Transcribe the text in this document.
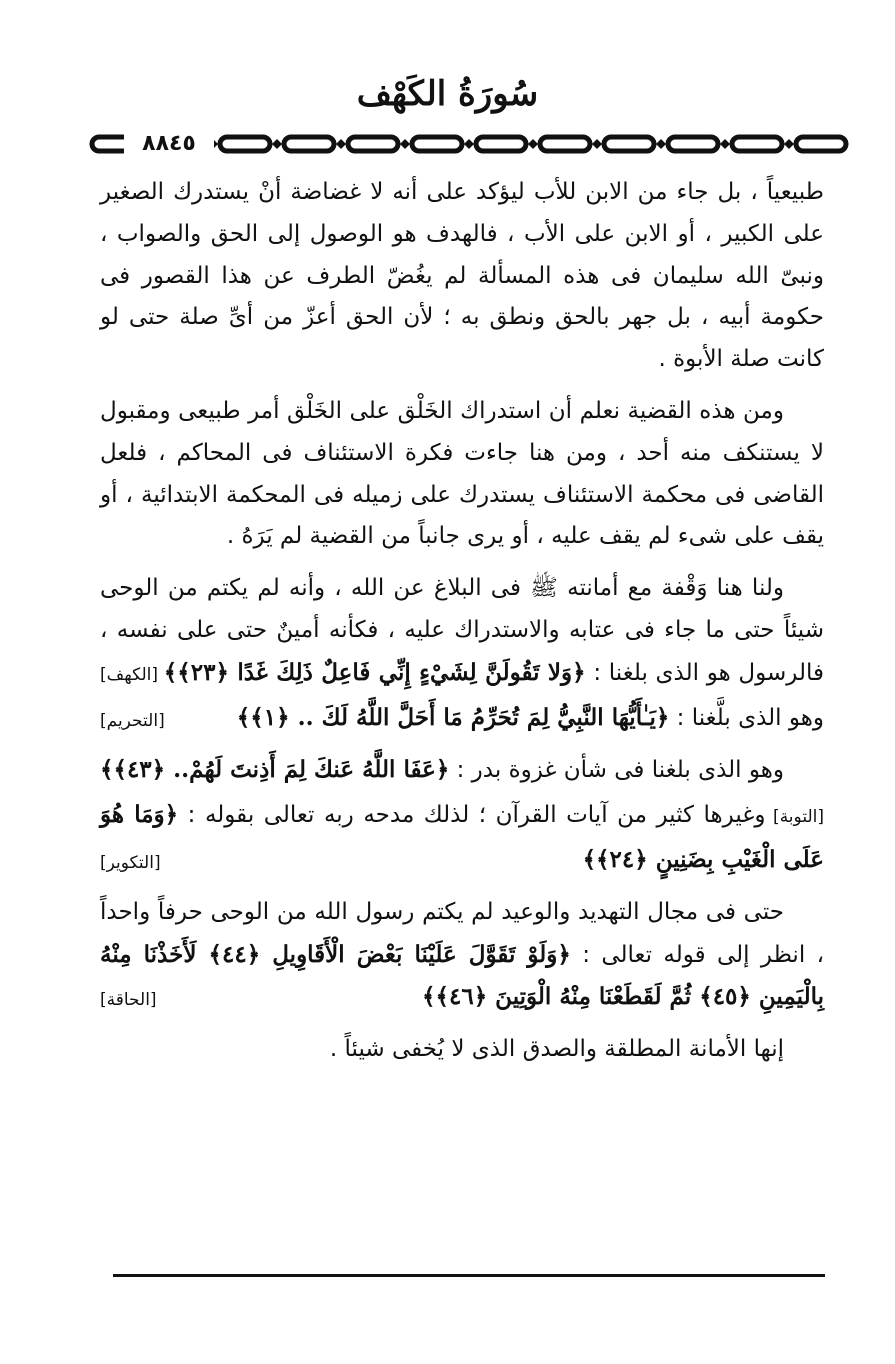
سُورَةُ الكَهْف
٨٨٤٥

طبيعياً ، بل جاء من الابن للأب ليؤكد على أنه لا غضاضة أنْ يستدرك الصغير على الكبير ، أو الابن على الأب ، فالهدف هو الوصول إلى الحق والصواب ، ونبىّ الله سليمان فى هذه المسألة لم يغُضّ الطرف عن هذا القصور فى حكومة أبيه ، بل جهر بالحق ونطق به ؛ لأن الحق أعزّ من أىِّ صلة حتى لو كانت صلة الأبوة .

ومن هذه القضية نعلم أن استدراك الخَلْق على الخَلْق أمر طبيعى ومقبول لا يستنكف منه أحد ، ومن هنا جاءت فكرة الاستئناف فى المحاكم ، فلعل القاضى فى محكمة الاستئناف يستدرك على زميله فى المحكمة الابتدائية ، أو يقف على شىء لم يقف عليه ، أو يرى جانباً من القضية لم يَرَهُ .

ولنا هنا وَقْفة مع أمانته ﷺ فى البلاغ عن الله ، وأنه لم يكتم من الوحى شيئاً حتى ما جاء فى عتابه والاستدراك عليه ، فكأنه أمينٌ حتى على نفسه ، فالرسول هو الذى بلغنا : ﴿وَلا تَقُولَنَّ لِشَيْءٍ إِنِّي فَاعِلٌ ذَلِكَ غَدًا ﴿٢٣﴾﴾ [الكهف] وهو الذى بلَّغنا : ﴿يَـٰأَيُّهَا النَّبِيُّ لِمَ تُحَرِّمُ مَا أَحَلَّ اللَّهُ لَكَ .. ﴿١﴾﴾
[التحريم]

وهو الذى بلغنا فى شأن غزوة بدر : ﴿عَفَا اللَّهُ عَنكَ لِمَ أَذِنتَ لَهُمْ.. ﴿٤٣﴾﴾ [التوبة] وغيرها كثير من آيات القرآن ؛ لذلك مدحه ربه تعالى بقوله : ﴿وَمَا هُوَ عَلَى الْغَيْبِ بِضَنِينٍ ﴿٢٤﴾﴾
[التكوير]

حتى فى مجال التهديد والوعيد لم يكتم رسول الله من الوحى حرفاً واحداً ، انظر إلى قوله تعالى : ﴿وَلَوْ تَقَوَّلَ عَلَيْنَا بَعْضَ الْأَقَاوِيلِ ﴿٤٤﴾ لَأَخَذْنَا مِنْهُ بِالْيَمِينِ ﴿٤٥﴾ ثُمَّ لَقَطَعْنَا مِنْهُ الْوَتِينَ ﴿٤٦﴾﴾
[الحاقة]

إنها الأمانة المطلقة والصدق الذى لا يُخفى شيئاً .
